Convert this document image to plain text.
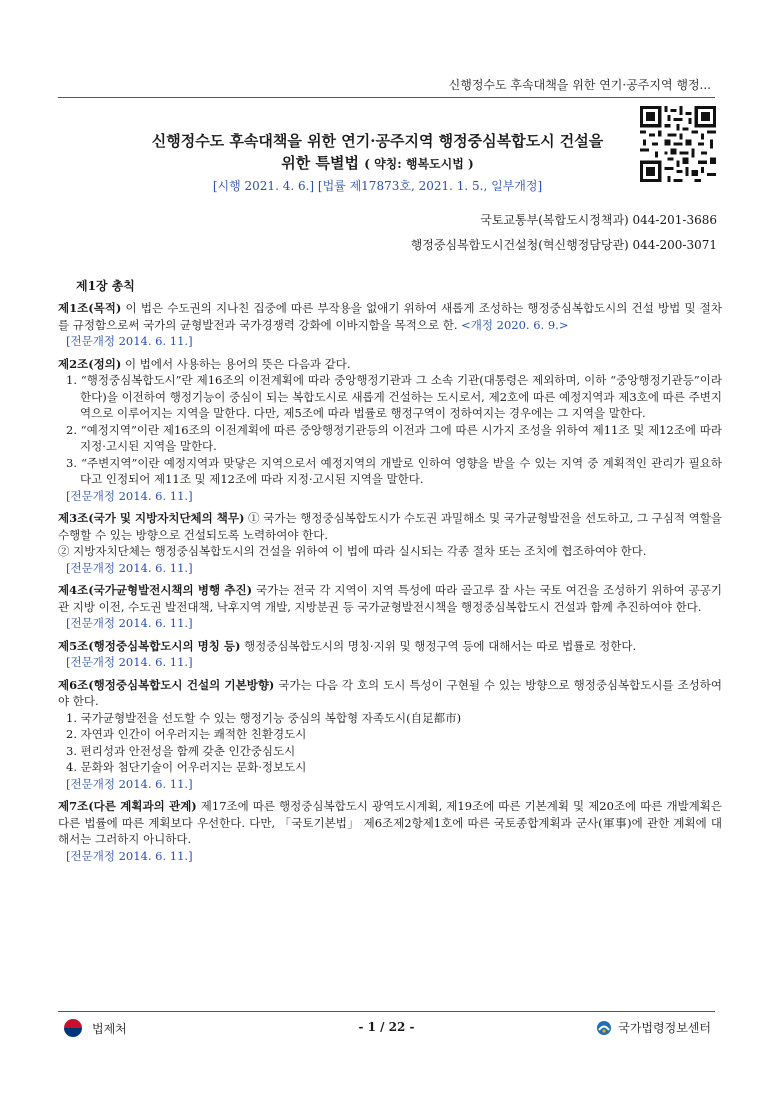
신행정수도 후속대책을 위한 연기·공주지역 행정...
신행정수도 후속대책을 위한 연기·공주지역 행정중심복합도시 건설을
위한 특별법 ( 약칭: 행복도시법 )
[시행 2021. 4. 6.] [법률 제17873호, 2021. 1. 5., 일부개정]
국토교통부(복합도시정책과) 044-201-3686
행정중심복합도시건설청(혁신행정담당관) 044-200-3071
제1장 총칙
제1조(목적) 이 법은 수도권의 지나친 집중에 따른 부작용을 없애기 위하여 새롭게 조성하는 행정중심복합도시의 건설 방법 및 절차를 규정함으로써 국가의 균형발전과 국가경쟁력 강화에 이바지함을 목적으로 한. <개정 2020. 6. 9.>
[전문개정 2014. 6. 11.]
제2조(정의) 이 법에서 사용하는 용어의 뜻은 다음과 같다.
1. “행정중심복합도시”란 제16조의 이전계획에 따라 중앙행정기관과 그 소속 기관(대통령은 제외하며, 이하 “중앙행정기관등”이라 한다)을 이전하여 행정기능이 중심이 되는 복합도시로 새롭게 건설하는 도시로서, 제2호에 따른 예정지역과 제3호에 따른 주변지역으로 이루어지는 지역을 말한다. 다만, 제5조에 따라 법률로 행정구역이 정하여지는 경우에는 그 지역을 말한다.
2. “예정지역”이란 제16조의 이전계획에 따른 중앙행정기관등의 이전과 그에 따른 시가지 조성을 위하여 제11조 및 제12조에 따라 지정·고시된 지역을 말한다.
3. “주변지역”이란 예정지역과 맞닿은 지역으로서 예정지역의 개발로 인하여 영향을 받을 수 있는 지역 중 계획적인 관리가 필요하다고 인정되어 제11조 및 제12조에 따라 지정·고시된 지역을 말한다.
[전문개정 2014. 6. 11.]
제3조(국가 및 지방자치단체의 책무) ① 국가는 행정중심복합도시가 수도권 과밀해소 및 국가균형발전을 선도하고, 그 구심적 역할을 수행할 수 있는 방향으로 건설되도록 노력하여야 한다.
② 지방자치단체는 행정중심복합도시의 건설을 위하여 이 법에 따라 실시되는 각종 절차 또는 조치에 협조하여야 한다.
[전문개정 2014. 6. 11.]
제4조(국가균형발전시책의 병행 추진) 국가는 전국 각 지역이 지역 특성에 따라 골고루 잘 사는 국토 여건을 조성하기 위하여 공공기관 지방 이전, 수도권 발전대책, 낙후지역 개발, 지방분권 등 국가균형발전시책을 행정중심복합도시 건설과 함께 추진하여야 한다.
[전문개정 2014. 6. 11.]
제5조(행정중심복합도시의 명칭 등) 행정중심복합도시의 명칭·지위 및 행정구역 등에 대해서는 따로 법률로 정한다.
[전문개정 2014. 6. 11.]
제6조(행정중심복합도시 건설의 기본방향) 국가는 다음 각 호의 도시 특성이 구현될 수 있는 방향으로 행정중심복합도시를 조성하여야 한다.
1. 국가균형발전을 선도할 수 있는 행정기능 중심의 복합형 자족도시(自足都市)
2. 자연과 인간이 어우러지는 쾌적한 친환경도시
3. 편리성과 안전성을 함께 갖춘 인간중심도시
4. 문화와 첨단기술이 어우러지는 문화·정보도시
[전문개정 2014. 6. 11.]
제7조(다른 계획과의 관계) 제17조에 따른 행정중심복합도시 광역도시계획, 제19조에 따른 기본계획 및 제20조에 따른 개발계획은 다른 법률에 따른 계획보다 우선한다. 다만, 「국토기본법」 제6조제2항제1호에 따른 국토종합계획과 군사(軍事)에 관한 계획에 대해서는 그러하지 아니하다.
[전문개정 2014. 6. 11.]
법제처	- 1 / 22 -	국가법령정보센터
